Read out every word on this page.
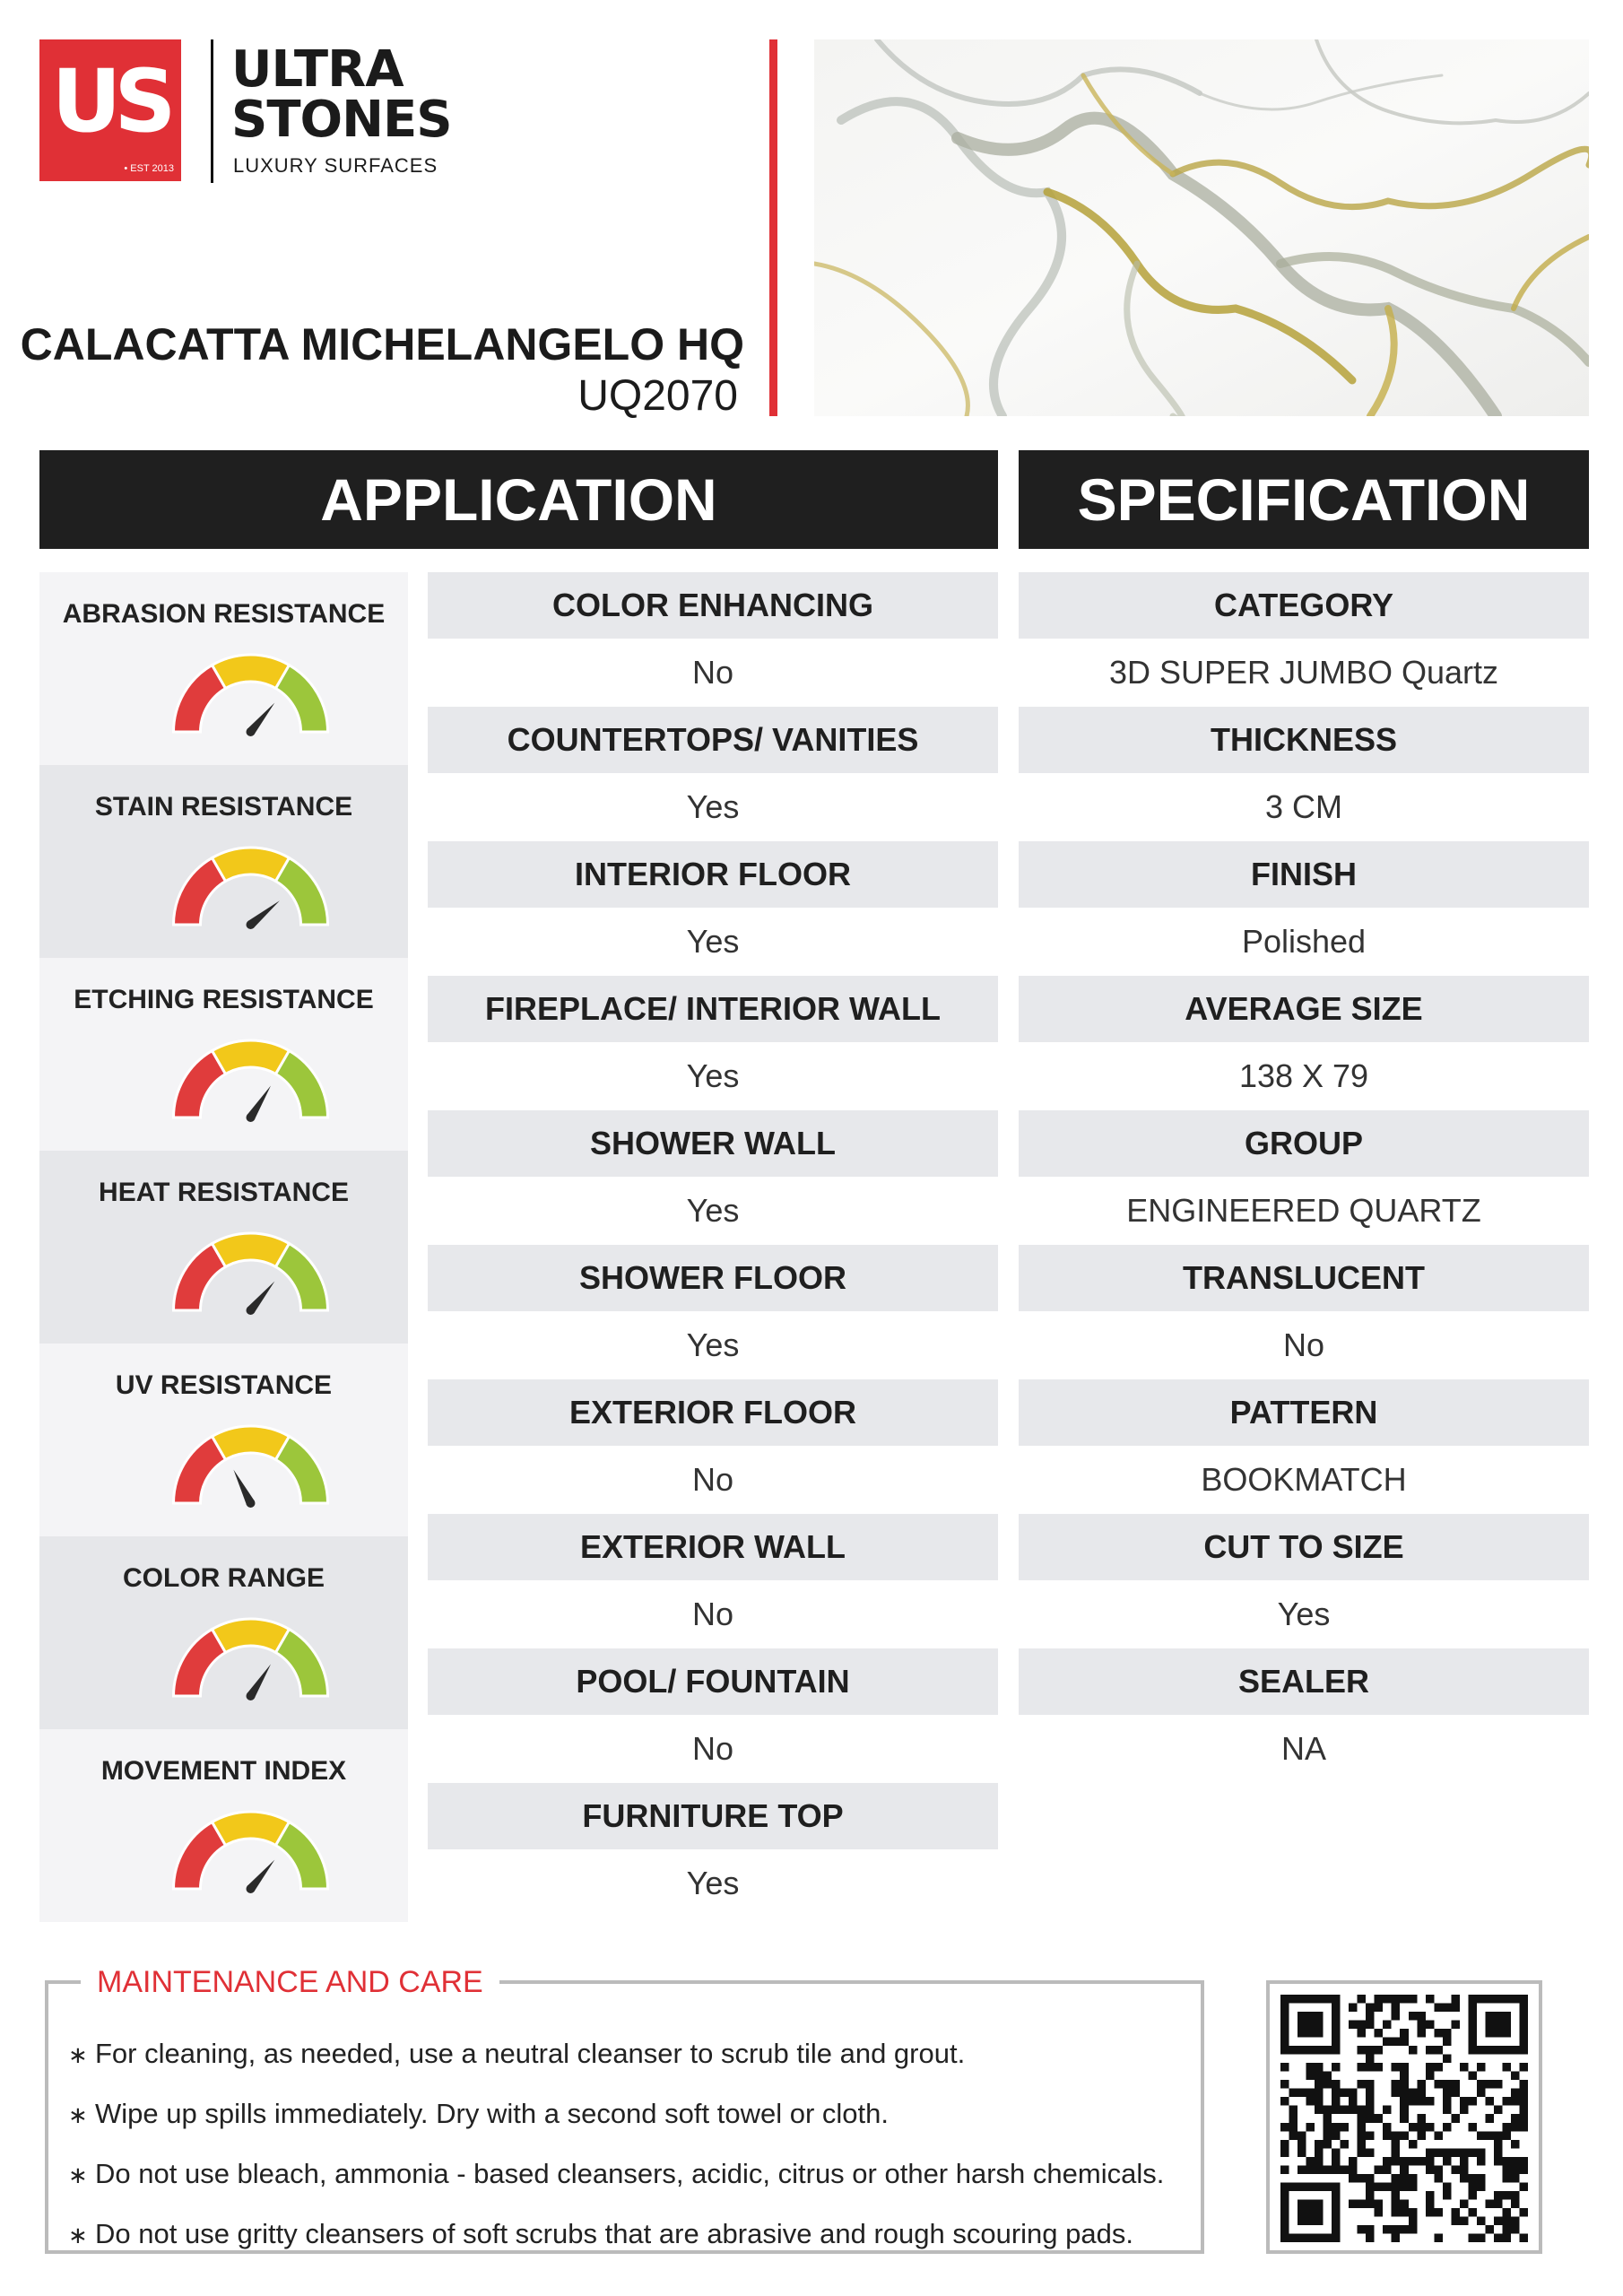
US
• EST 2013
ULTRA
STONES
LUXURY SURFACES
CALACATTA MICHELANGELO HQ
UQ2070
APPLICATION	SPECIFICATION
ABRASION RESISTANCE
STAIN RESISTANCE
ETCHING RESISTANCE
HEAT RESISTANCE
UV RESISTANCE
COLOR RANGE
MOVEMENT INDEX
COLOR ENHANCING
No
COUNTERTOPS/ VANITIES
Yes
INTERIOR FLOOR
Yes
FIREPLACE/ INTERIOR WALL
Yes
SHOWER WALL
Yes
SHOWER FLOOR
Yes
EXTERIOR FLOOR
No
EXTERIOR WALL
No
POOL/ FOUNTAIN
No
FURNITURE TOP
Yes
CATEGORY
3D SUPER JUMBO Quartz
THICKNESS
3 CM
FINISH
Polished
AVERAGE SIZE
138 X 79
GROUP
ENGINEERED QUARTZ
TRANSLUCENT
No
PATTERN
BOOKMATCH
CUT TO SIZE
Yes
SEALER
NA
MAINTENANCE AND CARE
∗ For cleaning, as needed, use a neutral cleanser to scrub tile and grout.
∗ Wipe up spills immediately. Dry with a second soft towel or cloth.
∗ Do not use bleach, ammonia - based cleansers, acidic, citrus or other harsh chemicals.
∗ Do not use gritty cleansers of soft scrubs that are abrasive and rough scouring pads.
